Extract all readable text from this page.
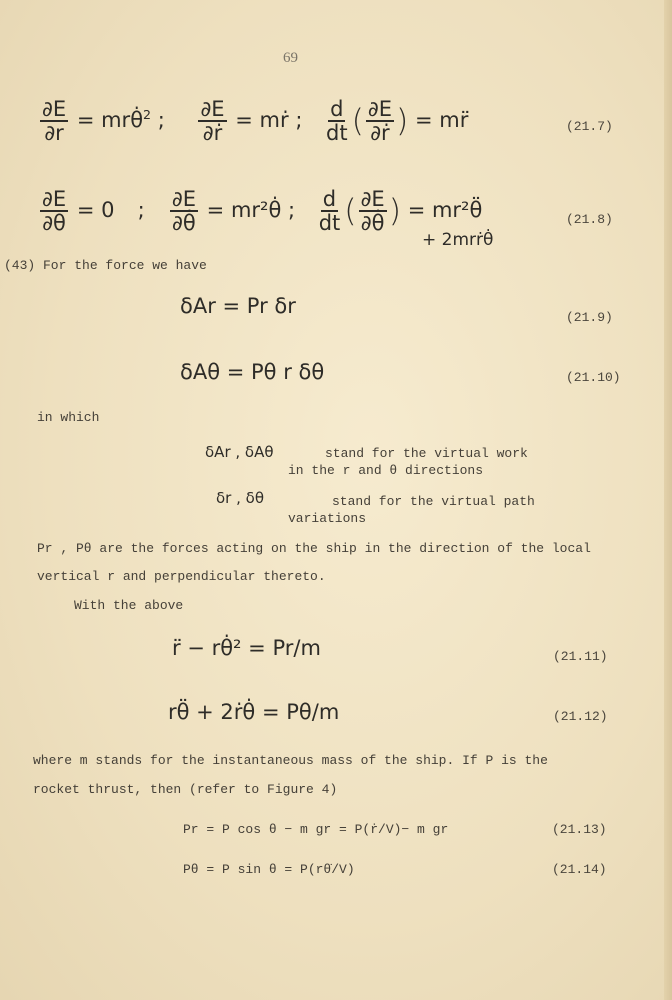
69
$\frac{\partial E}{\partial r}$ = mrθ̇$^2$ ; $\frac{\partial E}{\text{∂ṙ}}$ = mṙ ; $\frac{d}{dt}$ ( $\frac{\partial E}{\text{∂ṙ}}$ ) = mr̈	(21.7)
$\frac{\partial E}{\partial\theta} = 0$ ; $\frac{\partial E}{\partial\thetȧ}$ = mr²θ̇ ; $\frac{d}{dt}$ ( $\frac{\partial E}{\partial\thetȧ}$ ) = mr²θ̈
+ 2mrṙθ̇
(21.8)
(43) For the force we have
δAr = Pr δr	(21.9)
δAθ = Pθ r δθ	(21.10)
in which
δAr , δAθ	stand for the virtual work
in the r and θ directions
δr , δθ	stand for the virtual path
variations
Pr , Pθ are the forces acting on the ship in the direction of the local
vertical r and perpendicular thereto.
With the above
r̈ − rθ̇² = Pr/m	(21.11)
rθ̈ + 2ṙθ̇ = Pθ/m	(21.12)
where m stands for the instantaneous mass of the ship. If P is the
rocket thrust, then (refer to Figure 4)
Pr = P cos θ − m gr = P(ṙ/V)− m gr	(21.13)
Pθ = P sin θ = P(rθ̇/V)	(21.14)
